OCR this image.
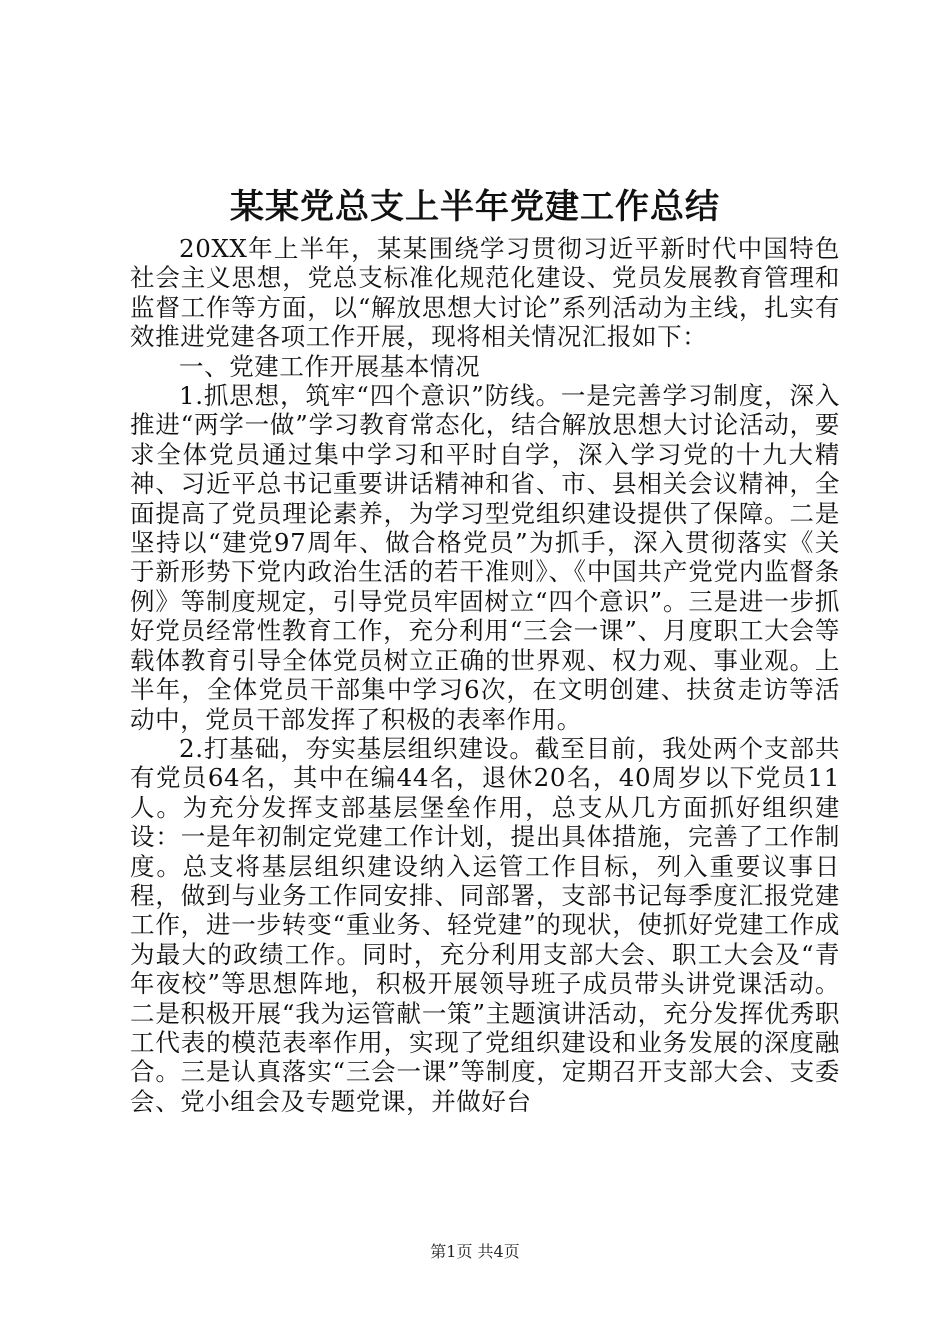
某某党总支上半年党建工作总结

20XX年上半年，某某围绕学习贯彻习近平新时代中国特色社会主义思想，党总支标准化规范化建设、党员发展教育管理和监督工作等方面，以“解放思想大讨论”系列活动为主线，扎实有效推进党建各项工作开展，现将相关情况汇报如下：

一、党建工作开展基本情况

1.抓思想，筑牢“四个意识”防线。一是完善学习制度，深入推进“两学一做”学习教育常态化，结合解放思想大讨论活动，要求全体党员通过集中学习和平时自学，深入学习党的十九大精神、习近平总书记重要讲话精神和省、市、县相关会议精神，全面提高了党员理论素养，为学习型党组织建设提供了保障。二是坚持以“建党97周年、做合格党员”为抓手，深入贯彻落实《关于新形势下党内政治生活的若干准则》、《中国共产党党内监督条例》等制度规定，引导党员牢固树立“四个意识”。三是进一步抓好党员经常性教育工作，充分利用“三会一课”、月度职工大会等载体教育引导全体党员树立正确的世界观、权力观、事业观。上半年，全体党员干部集中学习6次，在文明创建、扶贫走访等活动中，党员干部发挥了积极的表率作用。

2.打基础，夯实基层组织建设。截至目前，我处两个支部共有党员64名，其中在编44名，退休20名，40周岁以下党员11人。为充分发挥支部基层堡垒作用，总支从几方面抓好组织建设：一是年初制定党建工作计划，提出具体措施，完善了工作制度。总支将基层组织建设纳入运管工作目标，列入重要议事日程，做到与业务工作同安排、同部署，支部书记每季度汇报党建工作，进一步转变“重业务、轻党建”的现状，使抓好党建工作成为最大的政绩工作。同时，充分利用支部大会、职工大会及“青年夜校”等思想阵地，积极开展领导班子成员带头讲党课活动。二是积极开展“我为运管献一策”主题演讲活动，充分发挥优秀职工代表的模范表率作用，实现了党组织建设和业务发展的深度融合。三是认真落实“三会一课”等制度，定期召开支部大会、支委会、党小组会及专题党课，并做好台

第1页 共4页
